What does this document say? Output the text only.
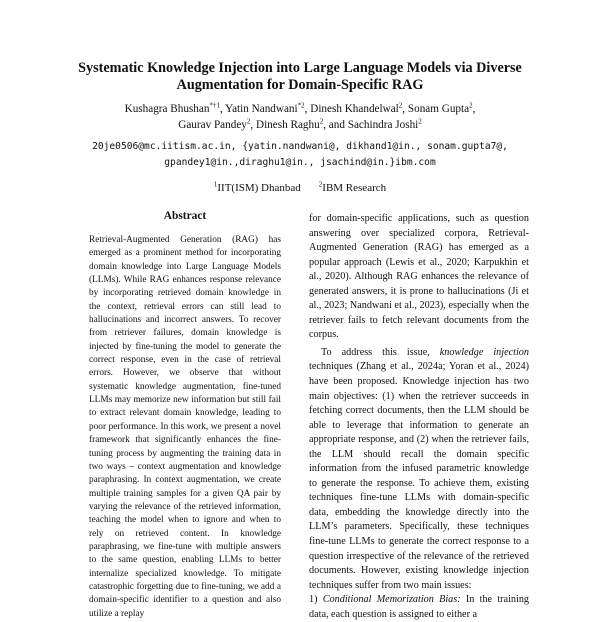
Systematic Knowledge Injection into Large Language Models via Diverse
Augmentation for Domain-Specific RAG
Kushagra Bhushan$^{*\dagger 1}$, Yatin Nandwani$^{*2}$, Dinesh Khandelwal$^2$, Sonam Gupta$^2$,
Gaurav Pandey$^2$, Dinesh Raghu$^2$, and Sachindra Joshi$^2$
20je0506@mc.iitism.ac.in, {yatin.nandwani@, dikhand1@in., sonam.gupta7@,
gpandey1@in.,diraghu1@in., jsachind@in.}ibm.com
$^1$IIT(ISM) Dhanbad	$^2$IBM Research
Abstract

Retrieval-Augmented Generation (RAG) has emerged as a prominent method for incorporating domain knowledge into Large Language Models (LLMs). While RAG enhances response relevance by incorporating retrieved domain knowledge in the context, retrieval errors can still lead to hallucinations and incorrect answers. To recover from retriever failures, domain knowledge is injected by fine-tuning the model to generate the correct response, even in the case of retrieval errors. However, we observe that without systematic knowledge augmentation, fine-tuned LLMs may memorize new information but still fail to extract relevant domain knowledge, leading to poor performance. In this work, we present a novel framework that significantly enhances the fine-tuning process by augmenting the training data in two ways – context augmentation and knowledge paraphrasing. In context augmentation, we create multiple training samples for a given QA pair by varying the relevance of the retrieved information, teaching the model when to ignore and when to rely on retrieved content. In knowledge paraphrasing, we fine-tune with multiple answers to the same question, enabling LLMs to better internalize specialized knowledge. To mitigate catastrophic forgetting due to fine-tuning, we add a domain-specific identifier to a question and also utilize a replay

for domain-specific applications, such as question answering over specialized corpora, Retrieval-Augmented Generation (RAG) has emerged as a popular approach (Lewis et al., 2020; Karpukhin et al., 2020). Although RAG enhances the relevance of generated answers, it is prone to hallucinations (Ji et al., 2023; Nandwani et al., 2023), especially when the retriever fails to fetch relevant documents from the corpus.

To address this issue, knowledge injection techniques (Zhang et al., 2024a; Yoran et al., 2024) have been proposed. Knowledge injection has two main objectives: (1) when the retriever succeeds in fetching correct documents, then the LLM should be able to leverage that information to generate an appropriate response, and (2) when the retriever fails, the LLM should recall the domain specific information from the infused parametric knowledge to generate the response. To achieve them, existing techniques fine-tune LLMs with domain-specific data, embedding the knowledge directly into the LLM’s parameters. Specifically, these techniques fine-tune LLMs to generate the correct response to a question irrespective of the relevance of the retrieved documents. However, existing knowledge injection techniques suffer from two main issues:

1) Conditional Memorization Bias: In the training data, each question is assigned to either a
